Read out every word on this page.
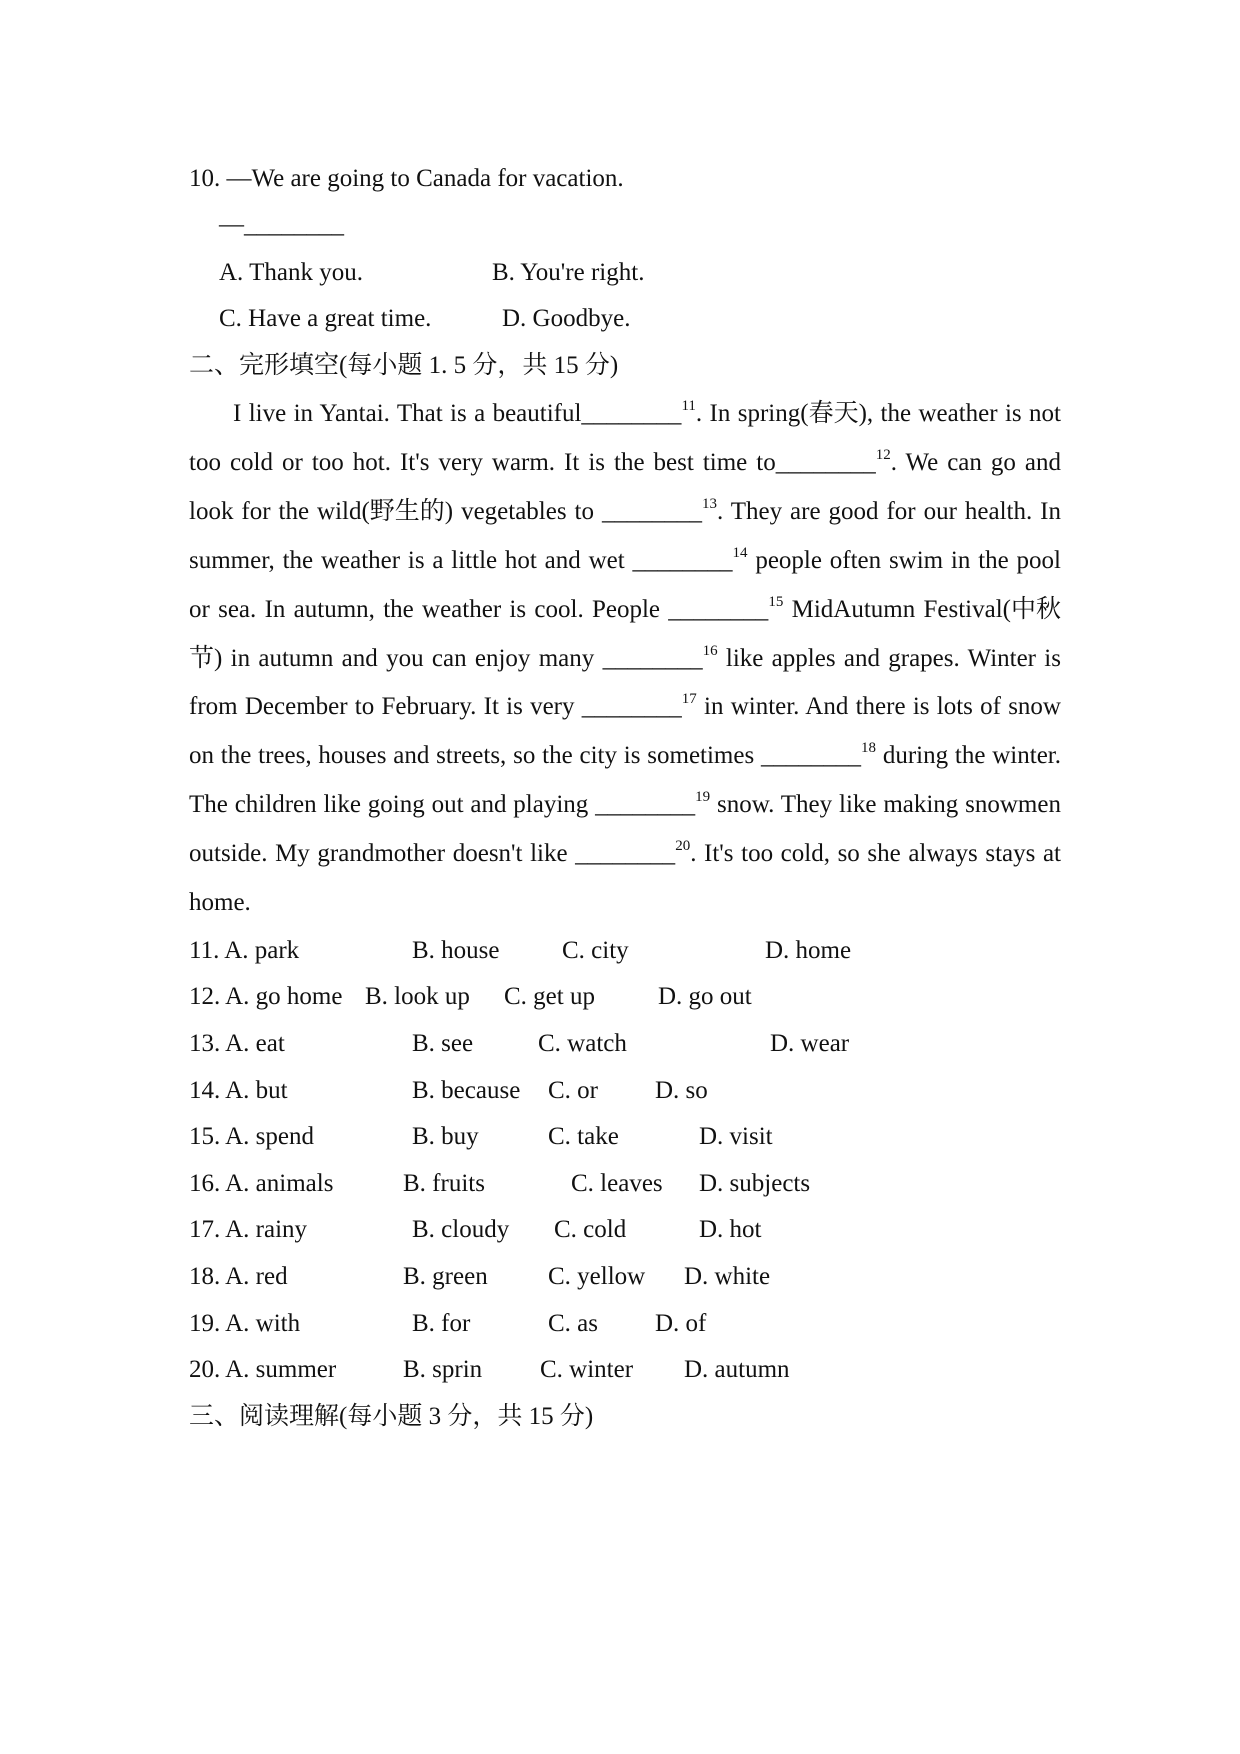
10. —We are going to Canada for vacation.
—________
A. Thank you.	B. You're right.
C. Have a great time.	D. Goodbye.
二、完形填空(每小题 1. 5 分，共 15 分)
I live in Yantai. That is a beautiful________$^{11}$. In spring(春天), the weather is not
too cold or too hot. It's very warm. It is the best time to________$^{12}$. We can go and
look for the wild(野生的) vegetables to ________$^{13}$. They are good for our health. In
summer, the weather is a little hot and wet ________$^{14}$ people often swim in the pool
or sea. In autumn, the weather is cool. People ________$^{15}$ MidAutumn Festival(中秋
节) in autumn and you can enjoy many ________$^{16}$ like apples and grapes. Winter is
from December to February. It is very ________$^{17}$ in winter. And there is lots of snow
on the trees, houses and streets, so the city is sometimes ________$^{18}$ during the winter.
The children like going out and playing ________$^{19}$ snow. They like making snowmen
outside. My grandmother doesn't like ________$^{20}$. It's too cold, so she always stays at
home.
11. A. park	B. house	C. city	D. home
12. A. go home B. look up C. get up	D. go out
13. A. eat	B. see	C. watch	D. wear
14. A. but	B. because C. or D. so
15. A. spend	B. buy	C. take	D. visit
16. A. animals	B. fruits	C. leaves D. subjects
17. A. rainy	B. cloudy C. cold	D. hot
18. A. red	B. green C. yellow D. white
19. A. with	B. for	C. as D. of
20. A. summer	B. sprin C. winter D. autumn
三、阅读理解(每小题 3 分，共 15 分)
